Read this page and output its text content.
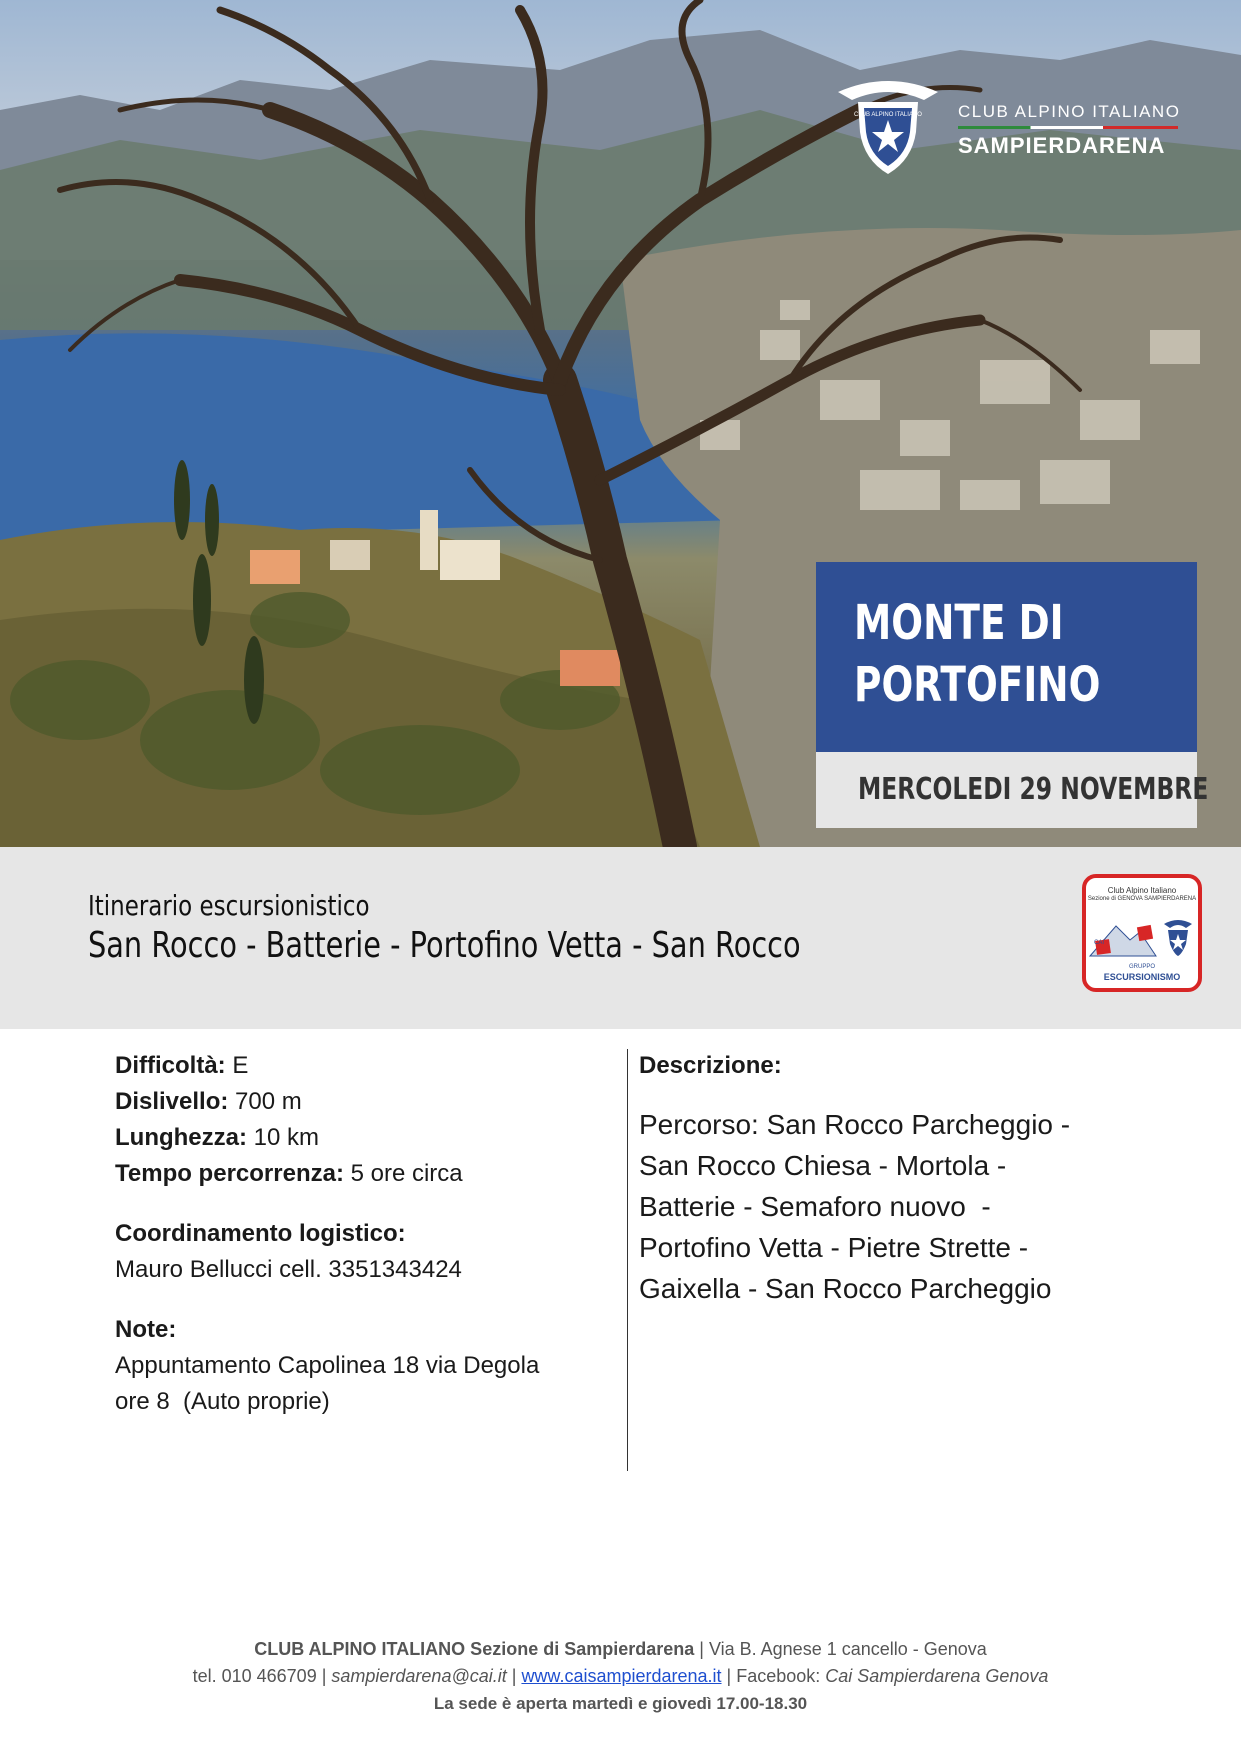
CLUB ALPINO ITALIANO CLUB ALPINO ITALIANO
SAMPIERDARENA
MONTE DI
PORTOFINO
MERCOLEDI 29 NOVEMBRE
Itinerario escursionistico
San Rocco - Batterie - Portofino Vetta - San Rocco
Club Alpino Italiano
Sezione di GENOVA SAMPIERDARENA
CAI
GRUPPO
ESCURSIONISMO
Difficoltà: E
Dislivello: 700 m
Lunghezza: 10 km
Tempo percorrenza: 5 ore circa
Coordinamento logistico:
Mauro Bellucci cell. 3351343424
Note:
Appuntamento Capolinea 18 via Degola
ore 8  (Auto proprie)
Descrizione:
Percorso: San Rocco Parcheggio -
San Rocco Chiesa - Mortola -
Batterie - Semaforo nuovo  -
Portofino Vetta - Pietre Strette -
Gaixella - San Rocco Parcheggio
CLUB ALPINO ITALIANO Sezione di Sampierdarena | Via B. Agnese 1 cancello - Genova
tel. 010 466709 | sampierdarena@cai.it | www.caisampierdarena.it | Facebook: Cai Sampierdarena Genova
La sede è aperta martedì e giovedì 17.00-18.30
